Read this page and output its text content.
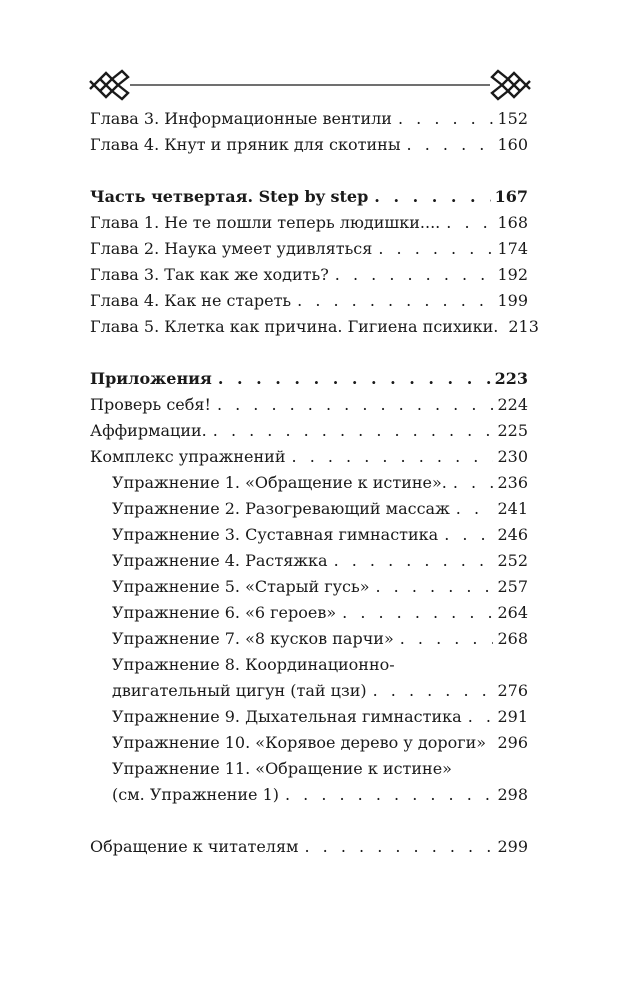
Глава 3. Информационные вентили . . .	152
Глава 4. Кнут и пряник для скотины . . .	160
Часть четвертая. Step by step . . .	167
Глава 1. Не те пошли теперь людишки.... . . .	168
Глава 2. Наука умеет удивляться . . .	174
Глава 3. Так как же ходить? . . .	192
Глава 4. Как не стареть . . .	199
Глава 5. Клетка как причина. Гигиена психики. 213
Приложения . . .	223
Проверь себя! . . .	224
Аффирмации. . . .	225
Комплекс упражнений . . .	230
Упражнение 1. «Обращение к истине». . . .	236
Упражнение 2. Разогревающий массаж . . .	241
Упражнение 3. Суставная гимнастика . . .	246
Упражнение 4. Растяжка . . .	252
Упражнение 5. «Старый гусь» . . .	257
Упражнение 6. «6 героев» . . .	264
Упражнение 7. «8 кусков парчи» . . .	268
Упражнение 8. Координационно-
двигательный цигун (тай цзи) . . .	276
Упражнение 9. Дыхательная гимнастика . . .	291
Упражнение 10. «Корявое дерево у дороги» . . . 296
Упражнение 11. «Обращение к истине»
(см. Упражнение 1) . . .	298
Обращение к читателям . . .	299
